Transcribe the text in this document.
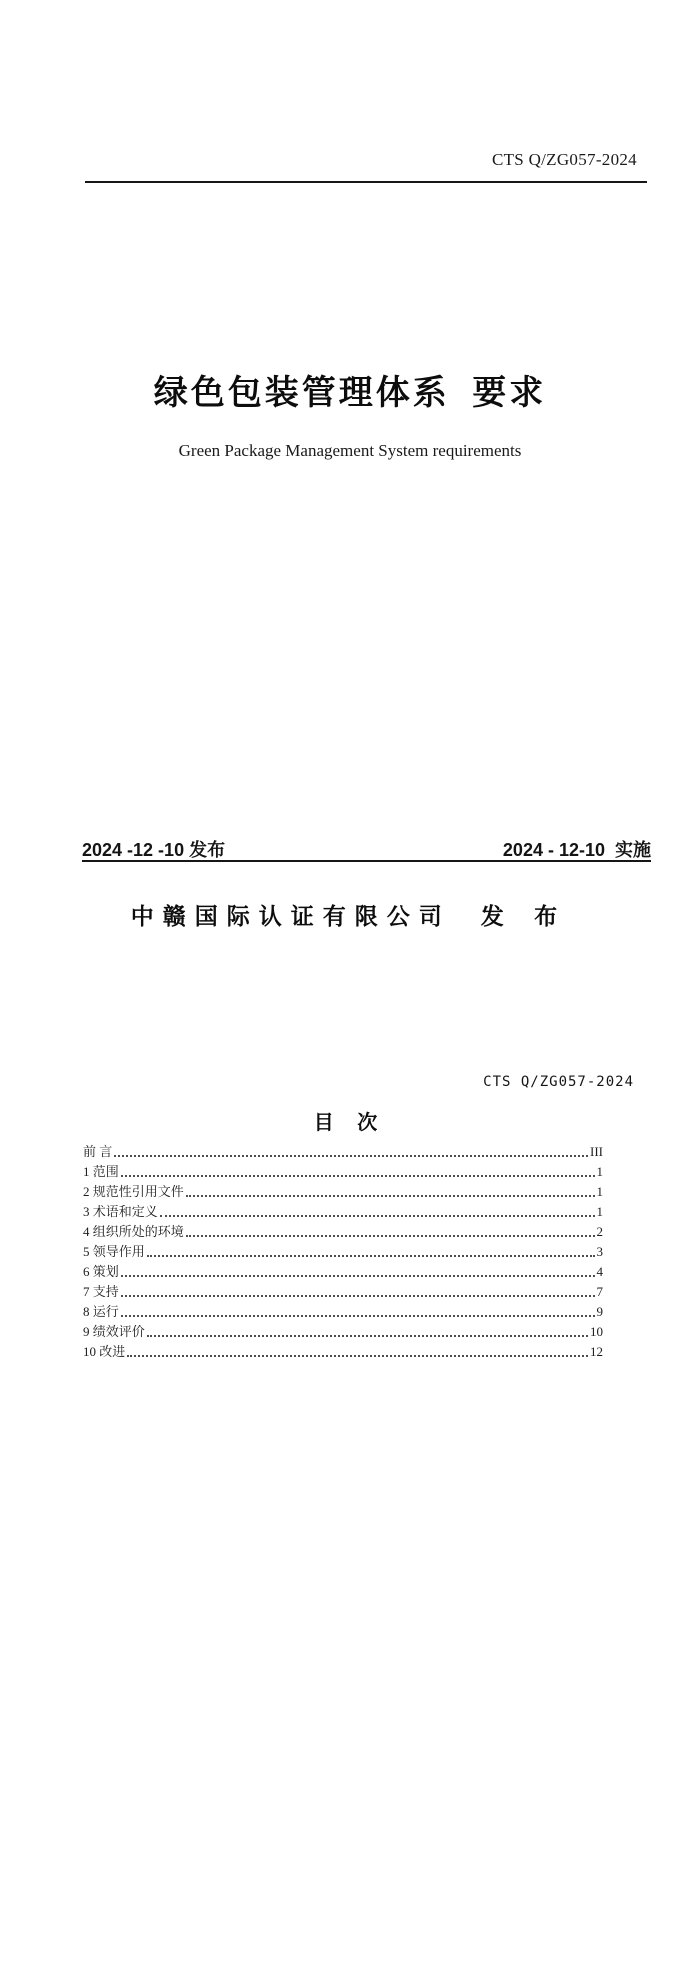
CTS Q/ZG057-2024
绿色包装管理体系 要求
Green Package Management System requirements
2024 -12 -10 发布	2024 - 12-10  实施
中赣国际认证有限公司 发 布
CTS Q/ZG057-2024
目 次
前 言	III
1 范围	1
2 规范性引用文件	1
3 术语和定义	1
4 组织所处的环境	2
5 领导作用	3
6 策划	4
7 支持	7
8 运行	9
9 绩效评价	10
10 改进	12
